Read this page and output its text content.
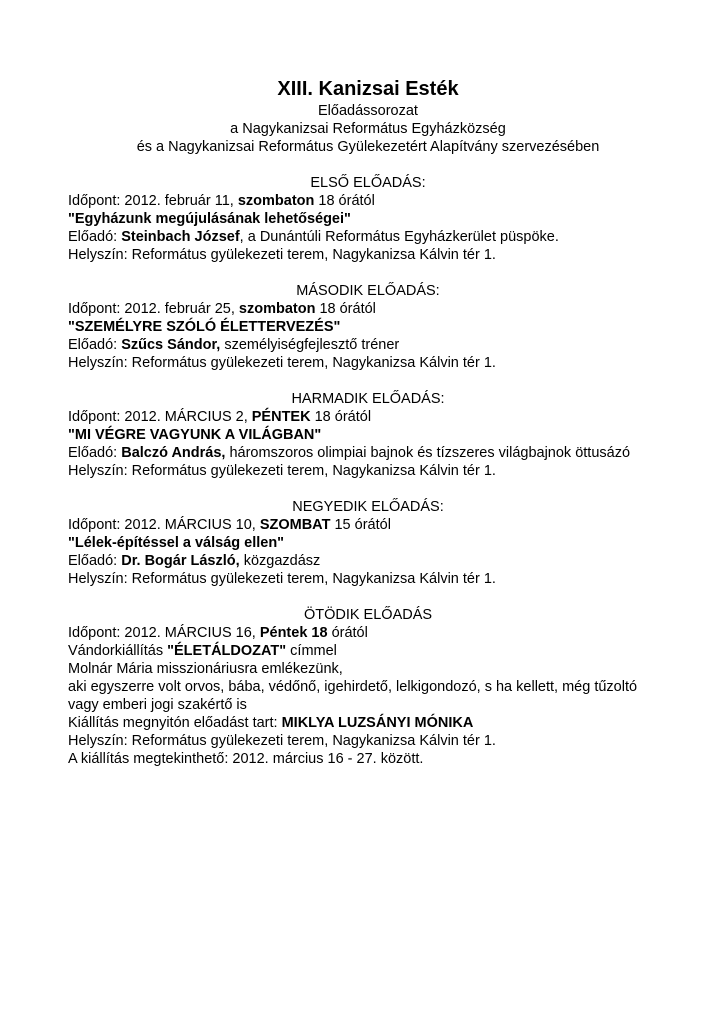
XIII. Kanizsai Esték
Előadássorozat
a Nagykanizsai Református Egyházközség
és a Nagykanizsai Református Gyülekezetért Alapítvány szervezésében
ELSŐ ELŐADÁS:
Időpont: 2012. február 11, szombaton 18 órától
"Egyházunk megújulásának lehetőségei"
Előadó: Steinbach József, a Dunántúli Református Egyházkerület püspöke.
Helyszín: Református gyülekezeti terem, Nagykanizsa Kálvin tér 1.
MÁSODIK ELŐADÁS:
Időpont: 2012. február 25, szombaton 18 órától
"SZEMÉLYRE SZÓLÓ ÉLETTERVEZÉS"
Előadó: Szűcs Sándor, személyiségfejlesztő tréner
Helyszín: Református gyülekezeti terem, Nagykanizsa Kálvin tér 1.
HARMADIK ELŐADÁS:
Időpont: 2012. MÁRCIUS 2, PÉNTEK 18 órától
"MI VÉGRE VAGYUNK A VILÁGBAN"
Előadó: Balczó András, háromszoros olimpiai bajnok és tízszeres világbajnok öttusázó
Helyszín: Református gyülekezeti terem, Nagykanizsa Kálvin tér 1.
NEGYEDIK ELŐADÁS:
Időpont: 2012. MÁRCIUS 10, SZOMBAT 15 órától
"Lélek-építéssel a válság ellen"
Előadó: Dr. Bogár László, közgazdász
Helyszín: Református gyülekezeti terem, Nagykanizsa Kálvin tér 1.
ÖTÖDIK ELŐADÁS
Időpont: 2012. MÁRCIUS 16, Péntek 18 órától
Vándorkiállítás "ÉLETÁLDOZAT" címmel
Molnár Mária misszionáriusra emlékezünk,
aki egyszerre volt orvos, bába, védőnő, igehirdető, lelkigondozó, s ha kellett, még tűzoltó vagy emberi jogi szakértő is
Kiállítás megnyitón előadást tart: MIKLYA LUZSÁNYI MÓNIKA
Helyszín: Református gyülekezeti terem, Nagykanizsa Kálvin tér 1.
A kiállítás megtekinthető: 2012. március 16 - 27. között.
